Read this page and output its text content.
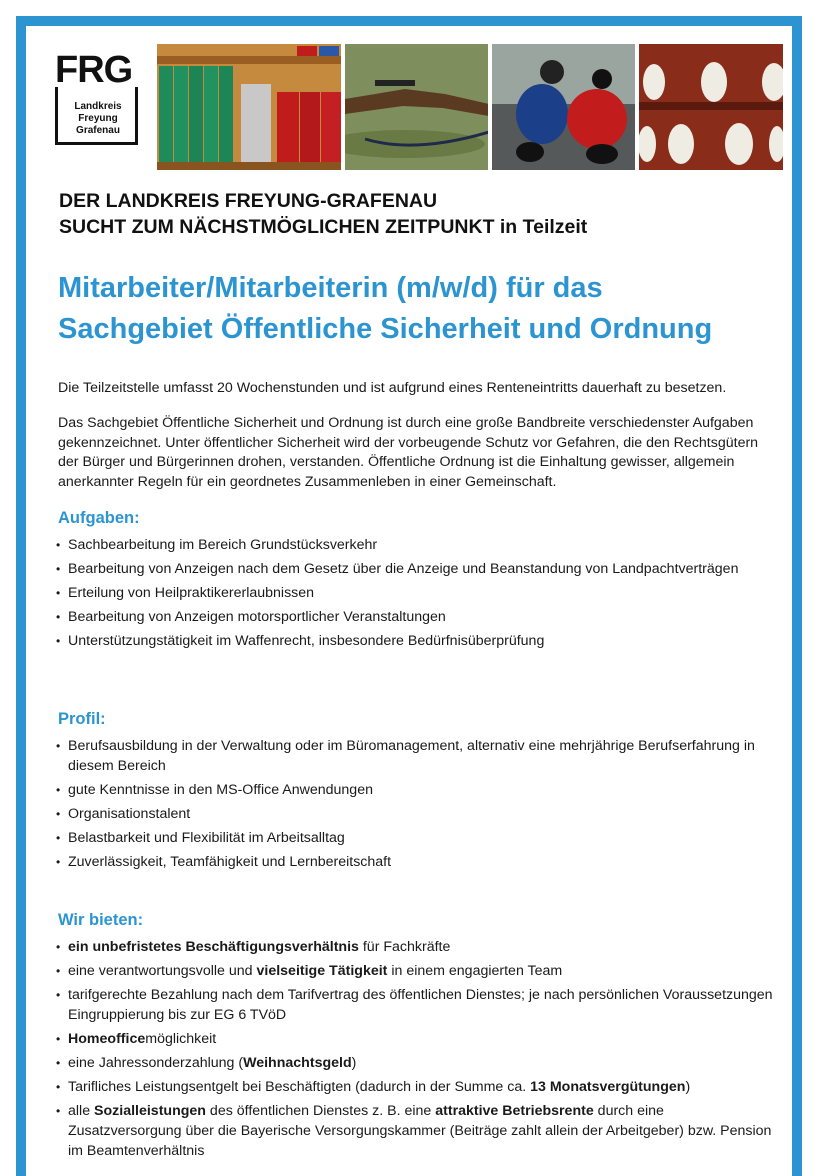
FRG
Landkreis
Freyung
Grafenau
DER LANDKREIS FREYUNG-GRAFENAU
SUCHT ZUM NÄCHSTMÖGLICHEN ZEITPUNKT in Teilzeit
Mitarbeiter/Mitarbeiterin (m/w/d) für das
Sachgebiet Öffentliche Sicherheit und Ordnung
Die Teilzeitstelle umfasst 20 Wochenstunden und ist aufgrund eines Renteneintritts dauerhaft zu besetzen.
Das Sachgebiet Öffentliche Sicherheit und Ordnung ist durch eine große Bandbreite verschiedenster Aufgaben gekennzeichnet. Unter öffentlicher Sicherheit wird der vorbeugende Schutz vor Gefahren, die den Rechtsgütern der Bürger und Bürgerinnen drohen, verstanden. Öffentliche Ordnung ist die Einhaltung gewisser, allgemein anerkannter Regeln für ein geordnetes Zusammenleben in einer Gemeinschaft.
Aufgaben:
• Sachbearbeitung im Bereich Grundstücksverkehr
• Bearbeitung von Anzeigen nach dem Gesetz über die Anzeige und Beanstandung von Landpachtverträgen
• Erteilung von Heilpraktikererlaubnissen
• Bearbeitung von Anzeigen motorsportlicher Veranstaltungen
• Unterstützungstätigkeit im Waffenrecht, insbesondere Bedürfnisüberprüfung
Profil:
• Berufsausbildung in der Verwaltung oder im Büromanagement, alternativ eine mehrjährige Berufserfahrung in diesem Bereich
• gute Kenntnisse in den MS-Office Anwendungen
• Organisationstalent
• Belastbarkeit und Flexibilität im Arbeitsalltag
• Zuverlässigkeit, Teamfähigkeit und Lernbereitschaft
Wir bieten:
• ein unbefristetes Beschäftigungsverhältnis für Fachkräfte
• eine verantwortungsvolle und vielseitige Tätigkeit in einem engagierten Team
• tarifgerechte Bezahlung nach dem Tarifvertrag des öffentlichen Dienstes; je nach persönlichen Voraussetzungen Eingruppierung bis zur EG 6 TVöD
• Homeofficemöglichkeit
• eine Jahressonderzahlung (Weihnachtsgeld)
• Tarifliches Leistungsentgelt bei Beschäftigten (dadurch in der Summe ca. 13 Monatsvergütungen)
• alle Sozialleistungen des öffentlichen Dienstes z. B. eine attraktive Betriebsrente durch eine Zusatzversorgung über die Bayerische Versorgungskammer (Beiträge zahlt allein der Arbeitgeber) bzw. Pension im Beamtenverhältnis
